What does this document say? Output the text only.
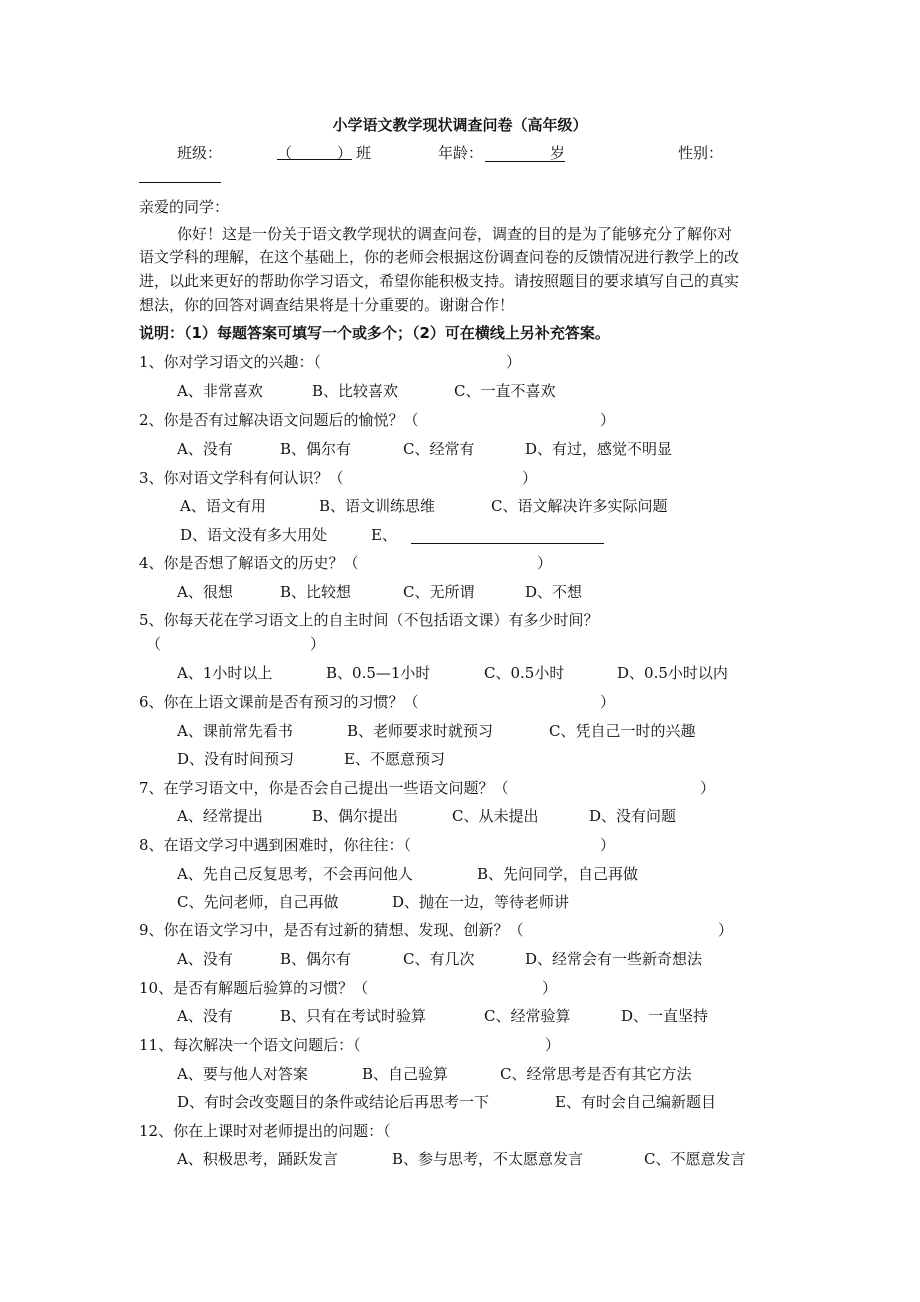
小学语文教学现状调查问卷（高年级）
班级：	（　　　） 班	年龄：	岁	性别：
亲爱的同学：
你好！这是一份关于语文教学现状的调查问卷，调查的目的是为了能够充分了解你对
语文学科的理解，在这个基础上，你的老师会根据这份调查问卷的反馈情况进行教学上的改
进，以此来更好的帮助你学习语文，希望你能积极支持。请按照题目的要求填写自己的真实
想法，你的回答对调查结果将是十分重要的。谢谢合作！
说明：（1）每题答案可填写一个或多个；（2）可在横线上另补充答案。
1、你对学习语文的兴趣：（	）
A、非常喜欢	B、比较喜欢	C、一直不喜欢
2、你是否有过解决语文问题后的愉悦？（	）
A、没有	B、偶尔有	C、经常有	D、有过，感觉不明显
3、你对语文学科有何认识？（	）
A、语文有用	B、语文训练思维	C、语文解决许多实际问题
D、语文没有多大用处	E、
4、你是否想了解语文的历史？（	）
A、很想	B、比较想	C、无所谓	D、不想
5、你每天花在学习语文上的自主时间（不包括语文课）有多少时间？
（	）
A、1小时以上	B、0.5—1小时	C、0.5小时	D、0.5小时以内
6、你在上语文课前是否有预习的习惯？（	）
A、课前常先看书	B、老师要求时就预习	C、凭自己一时的兴趣
D、没有时间预习	E、不愿意预习
7、在学习语文中，你是否会自己提出一些语文问题？（	）
A、经常提出	B、偶尔提出	C、从未提出	D、没有问题
8、在语文学习中遇到困难时，你往往：（	）
A、先自己反复思考，不会再问他人	B、先问同学，自己再做
C、先问老师，自己再做	D、抛在一边，等待老师讲
9、你在语文学习中，是否有过新的猜想、发现、创新？（	）
A、没有	B、偶尔有	C、有几次	D、经常会有一些新奇想法
10、是否有解题后验算的习惯？（	）
A、没有	B、只有在考试时验算	C、经常验算	D、一直坚持
11、每次解决一个语文问题后：（	）
A、要与他人对答案	B、自己验算	C、经常思考是否有其它方法
D、有时会改变题目的条件或结论后再思考一下	E、有时会自己编新题目
12、你在上课时对老师提出的问题：（
A、积极思考，踊跃发言	B、参与思考，不太愿意发言	C、不愿意发言
